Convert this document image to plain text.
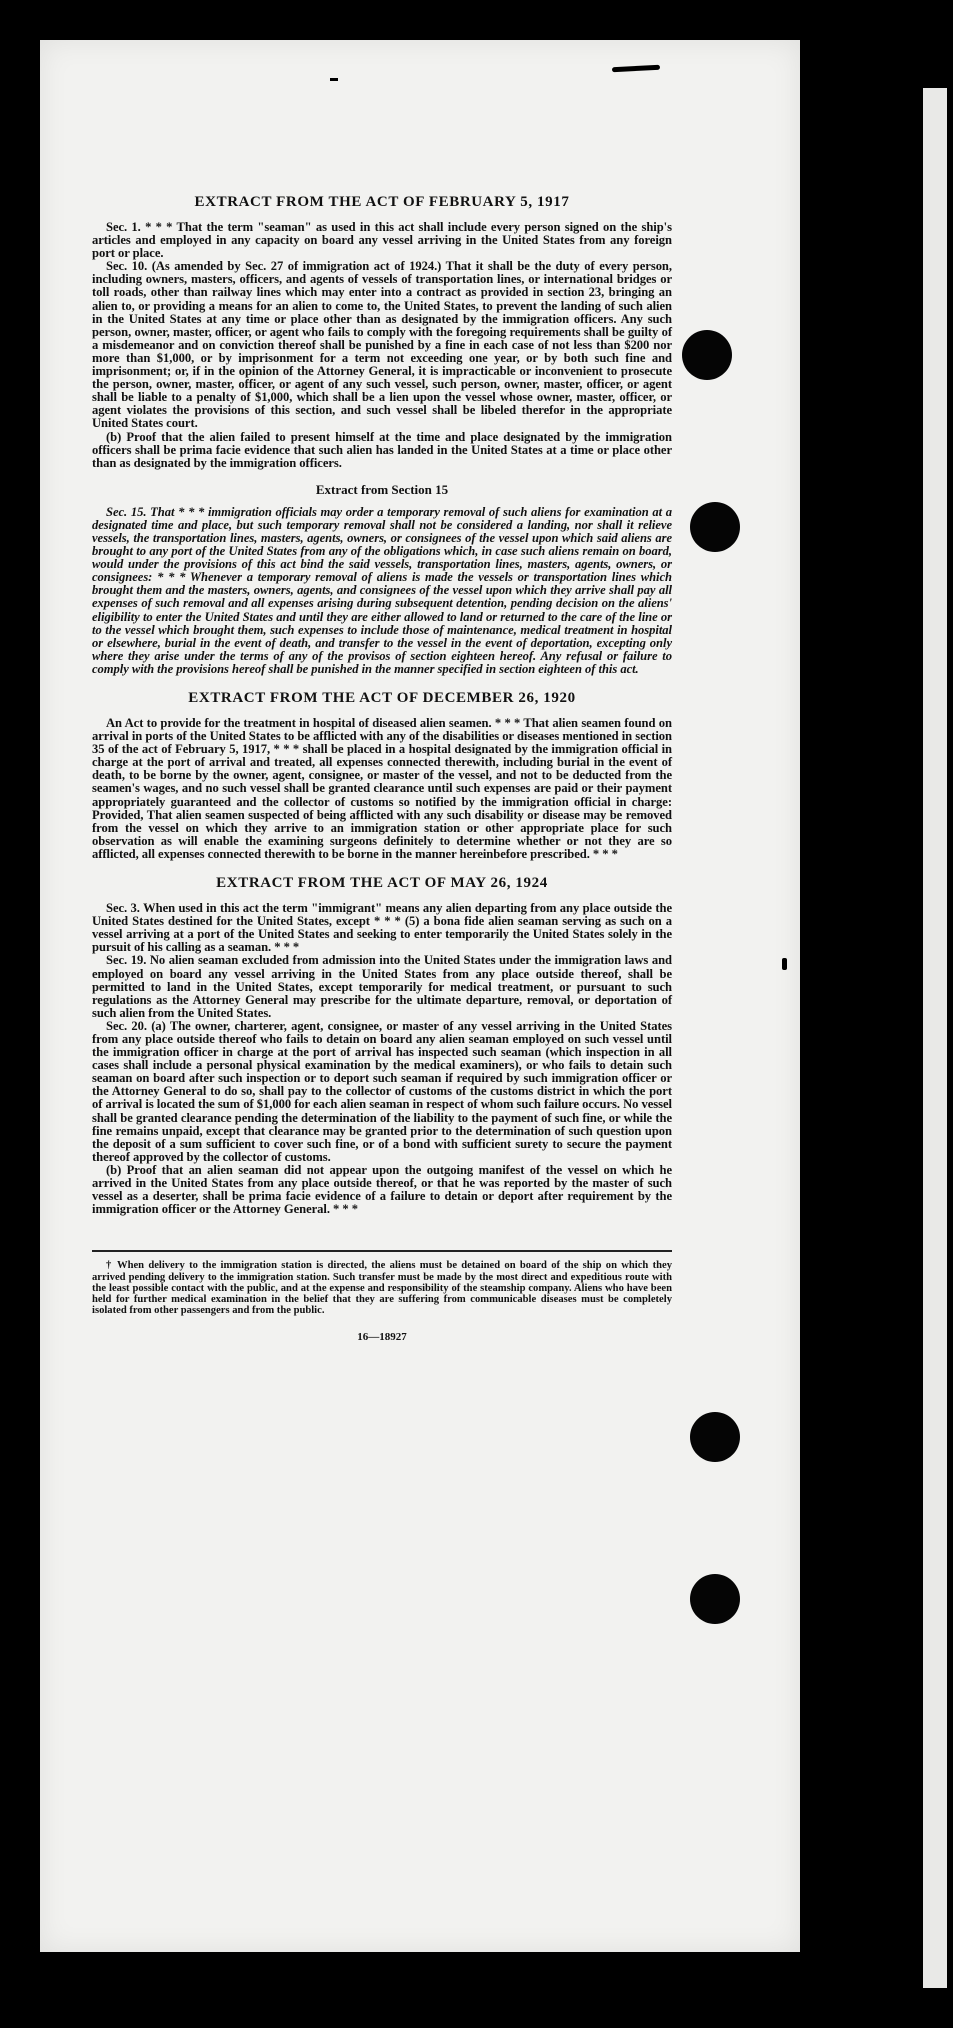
EXTRACT FROM THE ACT OF FEBRUARY 5, 1917

Sec. 1. * * * That the term "seaman" as used in this act shall include every person signed on the ship's articles and employed in any capacity on board any vessel arriving in the United States from any foreign port or place.

Sec. 10. (As amended by Sec. 27 of immigration act of 1924.) That it shall be the duty of every person, including owners, masters, officers, and agents of vessels of transportation lines, or international bridges or toll roads, other than railway lines which may enter into a contract as provided in section 23, bringing an alien to, or providing a means for an alien to come to, the United States, to prevent the landing of such alien in the United States at any time or place other than as designated by the immigration officers. Any such person, owner, master, officer, or agent who fails to comply with the foregoing requirements shall be guilty of a misdemeanor and on conviction thereof shall be punished by a fine in each case of not less than $200 nor more than $1,000, or by imprisonment for a term not exceeding one year, or by both such fine and imprisonment; or, if in the opinion of the Attorney General, it is impracticable or inconvenient to prosecute the person, owner, master, officer, or agent of any such vessel, such person, owner, master, officer, or agent shall be liable to a penalty of $1,000, which shall be a lien upon the vessel whose owner, master, officer, or agent violates the provisions of this section, and such vessel shall be libeled therefor in the appropriate United States court.

(b) Proof that the alien failed to present himself at the time and place designated by the immigration officers shall be prima facie evidence that such alien has landed in the United States at a time or place other than as designated by the immigration officers.

Extract from Section 15

Sec. 15. That * * * immigration officials may order a temporary removal of such aliens for examination at a designated time and place, but such temporary removal shall not be considered a landing, nor shall it relieve vessels, the transportation lines, masters, agents, owners, or consignees of the vessel upon which said aliens are brought to any port of the United States from any of the obligations which, in case such aliens remain on board, would under the provisions of this act bind the said vessels, transportation lines, masters, agents, owners, or consignees: * * * Whenever a temporary removal of aliens is made the vessels or transportation lines which brought them and the masters, owners, agents, and consignees of the vessel upon which they arrive shall pay all expenses of such removal and all expenses arising during subsequent detention, pending decision on the aliens' eligibility to enter the United States and until they are either allowed to land or returned to the care of the line or to the vessel which brought them, such expenses to include those of maintenance, medical treatment in hospital or elsewhere, burial in the event of death, and transfer to the vessel in the event of deportation, excepting only where they arise under the terms of any of the provisos of section eighteen hereof. Any refusal or failure to comply with the provisions hereof shall be punished in the manner specified in section eighteen of this act.

EXTRACT FROM THE ACT OF DECEMBER 26, 1920

An Act to provide for the treatment in hospital of diseased alien seamen. * * * That alien seamen found on arrival in ports of the United States to be afflicted with any of the disabilities or diseases mentioned in section 35 of the act of February 5, 1917, * * * shall be placed in a hospital designated by the immigration official in charge at the port of arrival and treated, all expenses connected therewith, including burial in the event of death, to be borne by the owner, agent, consignee, or master of the vessel, and not to be deducted from the seamen's wages, and no such vessel shall be granted clearance until such expenses are paid or their payment appropriately guaranteed and the collector of customs so notified by the immigration official in charge: Provided, That alien seamen suspected of being afflicted with any such disability or disease may be removed from the vessel on which they arrive to an immigration station or other appropriate place for such observation as will enable the examining surgeons definitely to determine whether or not they are so afflicted, all expenses connected therewith to be borne in the manner hereinbefore prescribed. * * *

EXTRACT FROM THE ACT OF MAY 26, 1924

Sec. 3. When used in this act the term "immigrant" means any alien departing from any place outside the United States destined for the United States, except * * * (5) a bona fide alien seaman serving as such on a vessel arriving at a port of the United States and seeking to enter temporarily the United States solely in the pursuit of his calling as a seaman. * * *

Sec. 19. No alien seaman excluded from admission into the United States under the immigration laws and employed on board any vessel arriving in the United States from any place outside thereof, shall be permitted to land in the United States, except temporarily for medical treatment, or pursuant to such regulations as the Attorney General may prescribe for the ultimate departure, removal, or deportation of such alien from the United States.

Sec. 20. (a) The owner, charterer, agent, consignee, or master of any vessel arriving in the United States from any place outside thereof who fails to detain on board any alien seaman employed on such vessel until the immigration officer in charge at the port of arrival has inspected such seaman (which inspection in all cases shall include a personal physical examination by the medical examiners), or who fails to detain such seaman on board after such inspection or to deport such seaman if required by such immigration officer or the Attorney General to do so, shall pay to the collector of customs of the customs district in which the port of arrival is located the sum of $1,000 for each alien seaman in respect of whom such failure occurs. No vessel shall be granted clearance pending the determination of the liability to the payment of such fine, or while the fine remains unpaid, except that clearance may be granted prior to the determination of such question upon the deposit of a sum sufficient to cover such fine, or of a bond with sufficient surety to secure the payment thereof approved by the collector of customs.

(b) Proof that an alien seaman did not appear upon the outgoing manifest of the vessel on which he arrived in the United States from any place outside thereof, or that he was reported by the master of such vessel as a deserter, shall be prima facie evidence of a failure to detain or deport after requirement by the immigration officer or the Attorney General. * * *

† When delivery to the immigration station is directed, the aliens must be detained on board of the ship on which they arrived pending delivery to the immigration station. Such transfer must be made by the most direct and expeditious route with the least possible contact with the public, and at the expense and responsibility of the steamship company. Aliens who have been held for further medical examination in the belief that they are suffering from communicable diseases must be completely isolated from other passengers and from the public.
16—18927
